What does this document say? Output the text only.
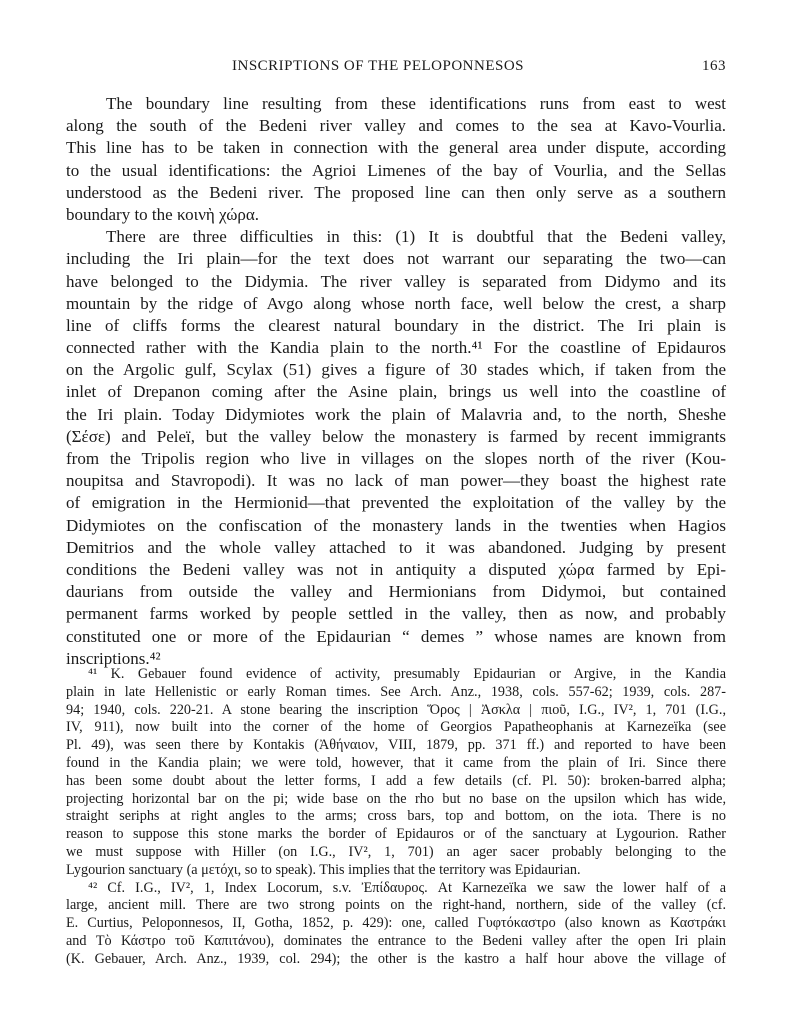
INSCRIPTIONS OF THE PELOPONNESOS	163
The boundary line resulting from these identifications runs from east to west
along the south of the Bedeni river valley and comes to the sea at Kavo-Vourlia.
This line has to be taken in connection with the general area under dispute, according
to the usual identifications: the Agrioi Limenes of the bay of Vourlia, and the Sellas
understood as the Bedeni river. The proposed line can then only serve as a southern
boundary to the κοινὴ χώρα.
There are three difficulties in this: (1) It is doubtful that the Bedeni valley,
including the Iri plain—for the text does not warrant our separating the two—can
have belonged to the Didymia. The river valley is separated from Didymo and its
mountain by the ridge of Avgo along whose north face, well below the crest, a sharp
line of cliffs forms the clearest natural boundary in the district. The Iri plain is
connected rather with the Kandia plain to the north.⁴¹ For the coastline of Epidauros
on the Argolic gulf, Scylax (51) gives a figure of 30 stades which, if taken from the
inlet of Drepanon coming after the Asine plain, brings us well into the coastline of
the Iri plain. Today Didymiotes work the plain of Malavria and, to the north, Sheshe
(Σέσε) and Peleï, but the valley below the monastery is farmed by recent immigrants
from the Tripolis region who live in villages on the slopes north of the river (Kou-
noupitsa and Stavropodi). It was no lack of man power—they boast the highest rate
of emigration in the Hermionid—that prevented the exploitation of the valley by the
Didymiotes on the confiscation of the monastery lands in the twenties when Hagios
Demitrios and the whole valley attached to it was abandoned. Judging by present
conditions the Bedeni valley was not in antiquity a disputed χώρα farmed by Epi-
daurians from outside the valley and Hermionians from Didymoi, but contained
permanent farms worked by people settled in the valley, then as now, and probably
constituted one or more of the Epidaurian “ demes ” whose names are known from
inscriptions.⁴²
⁴¹ K. Gebauer found evidence of activity, presumably Epidaurian or Argive, in the Kandia
plain in late Hellenistic or early Roman times. See Arch. Anz., 1938, cols. 557-62; 1939, cols. 287-
94; 1940, cols. 220-21. A stone bearing the inscription Ὅρος | Ἀσκλα | πιοῦ, I.G., IV², 1, 701 (I.G.,
IV, 911), now built into the corner of the home of Georgios Papatheophanis at Karnezeïka (see
Pl. 49), was seen there by Kontakis (Ἀθήναιον, VIII, 1879, pp. 371 ff.) and reported to have been
found in the Kandia plain; we were told, however, that it came from the plain of Iri. Since there
has been some doubt about the letter forms, I add a few details (cf. Pl. 50): broken-barred alpha;
projecting horizontal bar on the pi; wide base on the rho but no base on the upsilon which has wide,
straight seriphs at right angles to the arms; cross bars, top and bottom, on the iota. There is no
reason to suppose this stone marks the border of Epidauros or of the sanctuary at Lygourion. Rather
we must suppose with Hiller (on I.G., IV², 1, 701) an ager sacer probably belonging to the
Lygourion sanctuary (a μετόχι, so to speak). This implies that the territory was Epidaurian.
⁴² Cf. I.G., IV², 1, Index Locorum, s.v. Ἐπίδαυρος. At Karnezeïka we saw the lower half of a
large, ancient mill. There are two strong points on the right-hand, northern, side of the valley (cf.
E. Curtius, Peloponnesos, II, Gotha, 1852, p. 429): one, called Γυφτόκαστρο (also known as Καστράκι
and Τὸ Κάστρο τοῦ Καπιτάνου), dominates the entrance to the Bedeni valley after the open Iri plain
(K. Gebauer, Arch. Anz., 1939, col. 294); the other is the kastro a half hour above the village of
